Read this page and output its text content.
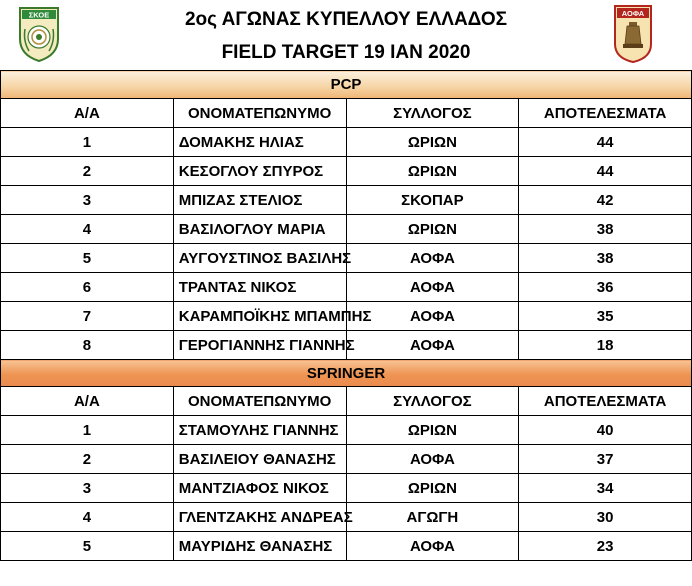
ΣΚΟΕ	2ος ΑΓΩΝΑΣ ΚΥΠΕΛΛΟΥ ΕΛΛΑΔΟΣ
FIELD TARGET 19 ΙΑΝ 2020
ΑΟΦΑ
PCP			
Α/Α	ΟΝΟΜΑΤΕΠΩΝΥΜΟ	ΣΥΛΛΟΓΟΣ	ΑΠΟΤΕΛΕΣΜΑΤΑ
1	ΔΟΜΑΚΗΣ ΗΛΙΑΣ	ΩΡΙΩΝ	44
2	ΚΕΣΟΓΛΟΥ ΣΠΥΡΟΣ	ΩΡΙΩΝ	44
3	ΜΠΙΖΑΣ ΣΤΕΛΙΟΣ	ΣΚΟΠΑΡ	42
4	ΒΑΣΙΛΟΓΛΟΥ ΜΑΡΙΑ	ΩΡΙΩΝ	38
5	ΑΥΓΟΥΣΤΙΝΟΣ ΒΑΣΙΛΗΣ	ΑΟΦΑ	38
6	ΤΡΑΝΤΑΣ ΝΙΚΟΣ	ΑΟΦΑ	36
7	ΚΑΡΑΜΠΟΪΚΗΣ ΜΠΑΜΠΗΣ	ΑΟΦΑ	35
8	ΓΕΡΟΓΙΑΝΝΗΣ ΓΙΑΝΝΗΣ	ΑΟΦΑ	18
SPRINGER			
Α/Α	ΟΝΟΜΑΤΕΠΩΝΥΜΟ	ΣΥΛΛΟΓΟΣ	ΑΠΟΤΕΛΕΣΜΑΤΑ
1	ΣΤΑΜΟΥΛΗΣ ΓΙΑΝΝΗΣ	ΩΡΙΩΝ	40
2	ΒΑΣΙΛΕΙΟΥ ΘΑΝΑΣΗΣ	ΑΟΦΑ	37
3	ΜΑΝΤΖΙΑΦΟΣ ΝΙΚΟΣ	ΩΡΙΩΝ	34
4	ΓΛΕΝΤΖΑΚΗΣ ΑΝΔΡΕΑΣ	ΑΓΩΓΗ	30
5	ΜΑΥΡΙΔΗΣ ΘΑΝΑΣΗΣ	ΑΟΦΑ	23
